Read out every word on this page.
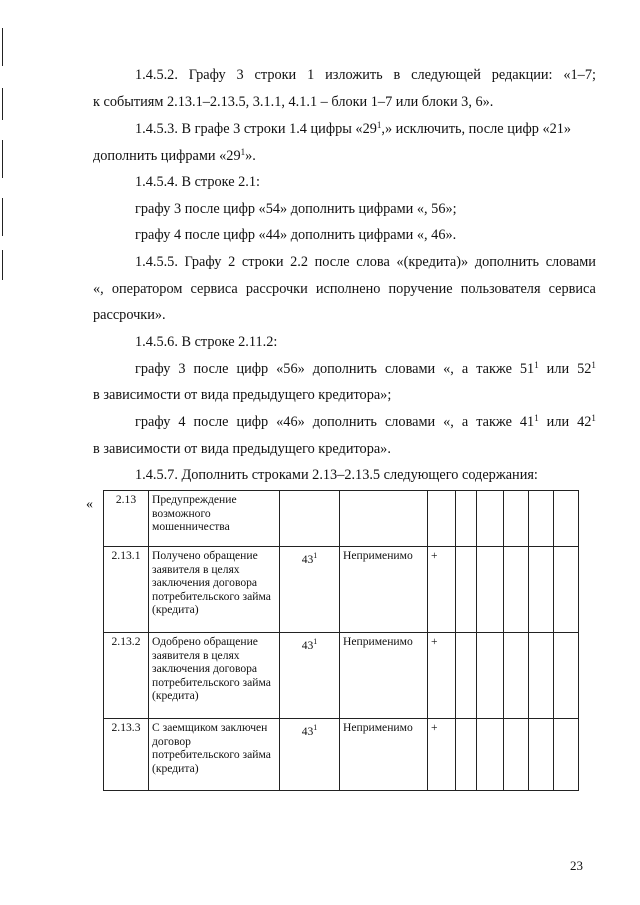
1.4.5.2. Графу 3 строки 1 изложить в следующей редакции: «1–7;
к событиям 2.13.1–2.13.5, 3.1.1, 4.1.1 – блоки 1–7 или блоки 3, 6».
1.4.5.3. В графе 3 строки 1.4 цифры «$29^1$,» исключить, после цифр «21»
дополнить цифрами «$29^1$».
1.4.5.4. В строке 2.1:
графу 3 после цифр «54» дополнить цифрами «, 56»;
графу 4 после цифр «44» дополнить цифрами «, 46».
1.4.5.5. Графу 2 строки 2.2 после слова «(кредита)» дополнить словами
«, оператором сервиса рассрочки исполнено поручение пользователя сервиса
рассрочки».
1.4.5.6. В строке 2.11.2:
графу 3 после цифр «56» дополнить словами «, а также $51^1$ или $52^1$
в зависимости от вида предыдущего кредитора»;
графу 4 после цифр «46» дополнить словами «, а также $41^1$ или $42^1$
в зависимости от вида предыдущего кредитора».
1.4.5.7. Дополнить строками 2.13–2.13.5 следующего содержания:
« 2.13	Предупреждение возможного мошенничества								
2.13.1	Получено обращение заявителя в целях заключения договора потребительского займа (кредита)	$43^1$	Неприменимо	+					
2.13.2	Одобрено обращение заявителя в целях заключения договора потребительского займа (кредита)	$43^1$	Неприменимо	+					
2.13.3	С заемщиком заключен договор потребительского займа (кредита)	$43^1$	Неприменимо	+					
23
